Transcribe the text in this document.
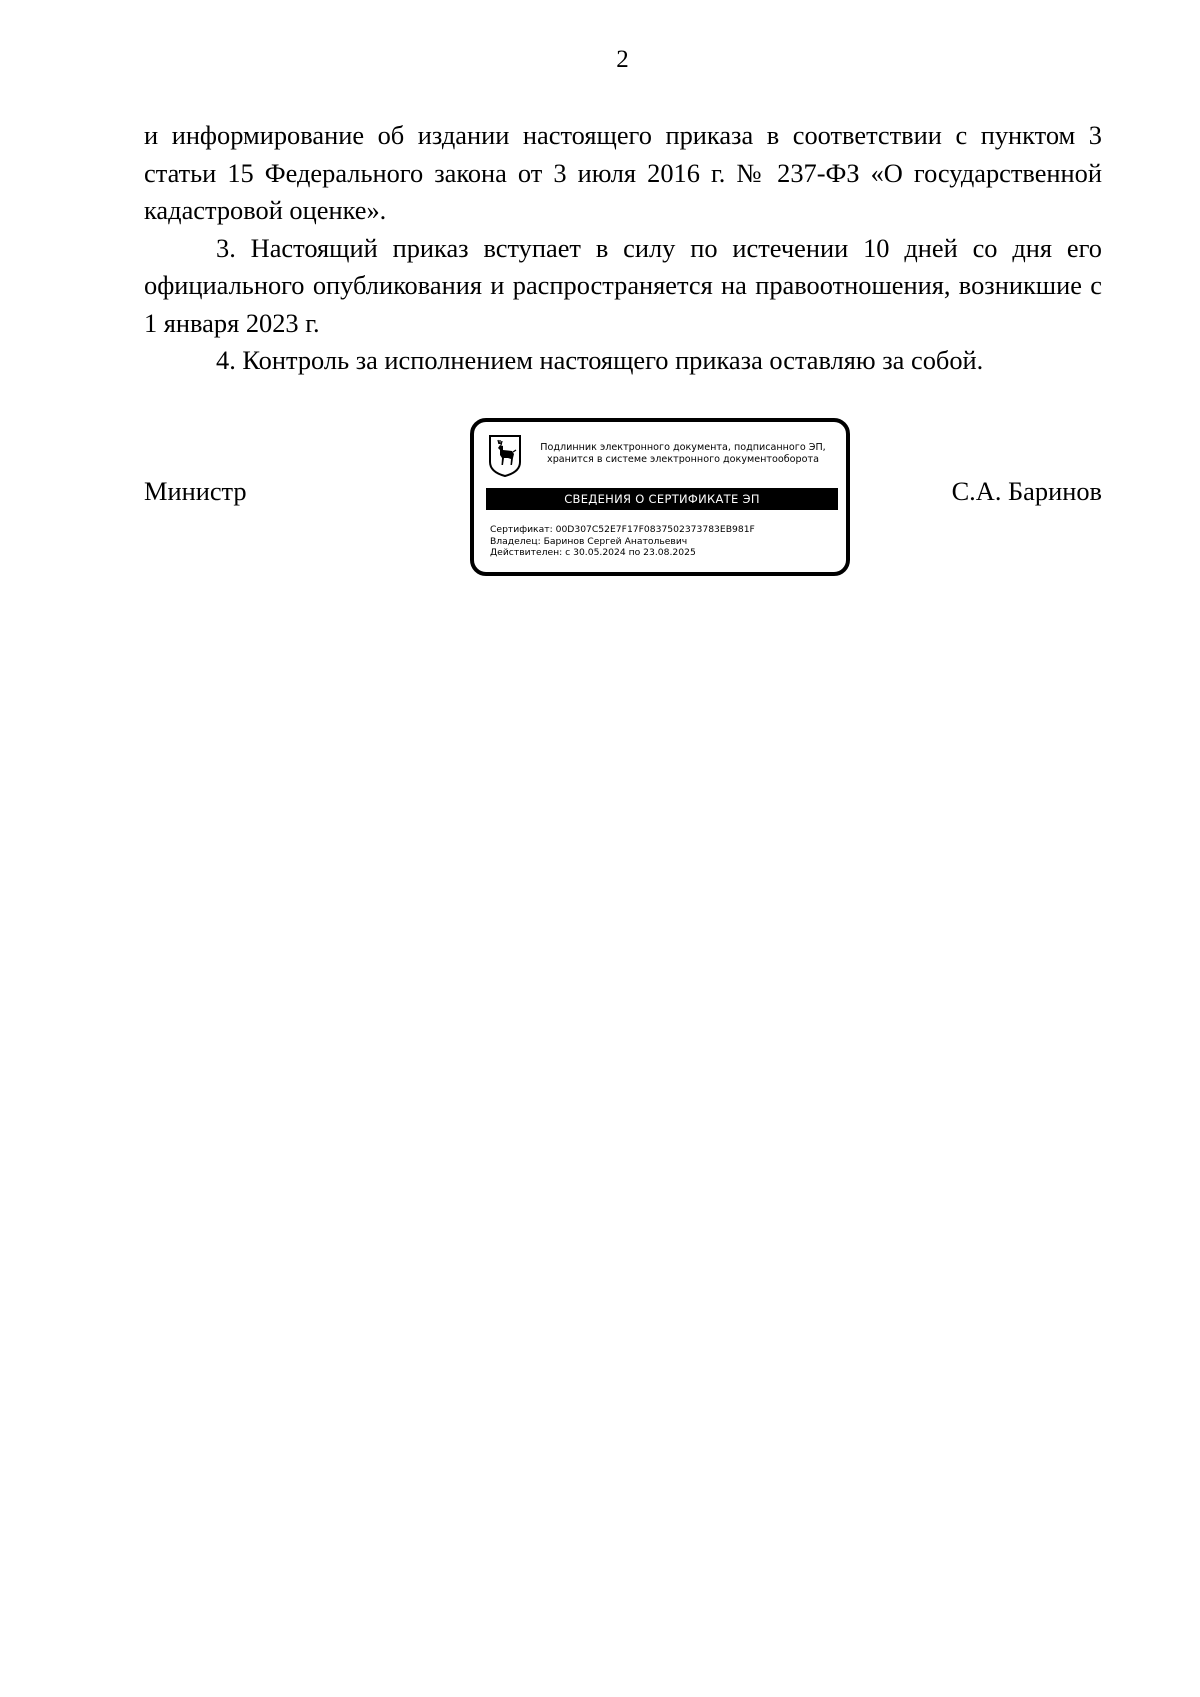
2

и информирование об издании настоящего приказа в соответствии с пунктом 3 статьи 15 Федерального закона от 3 июля 2016 г. № 237-ФЗ «О государственной кадастровой оценке».

3. Настоящий приказ вступает в силу по истечении 10 дней со дня его официального опубликования и распространяется на правоотношения, возникшие с 1 января 2023 г.

4. Контроль за исполнением настоящего приказа оставляю за собой.

Министр
Подлинник электронного документа, подписанного ЭП,
хранится в системе электронного документооборота
СВЕДЕНИЯ О СЕРТИФИКАТЕ ЭП
Сертификат: 00D307C52E7F17F0837502373783EB981F
Владелец: Баринов Сергей Анатольевич
Действителен: с 30.05.2024 по 23.08.2025
С.А. Баринов
